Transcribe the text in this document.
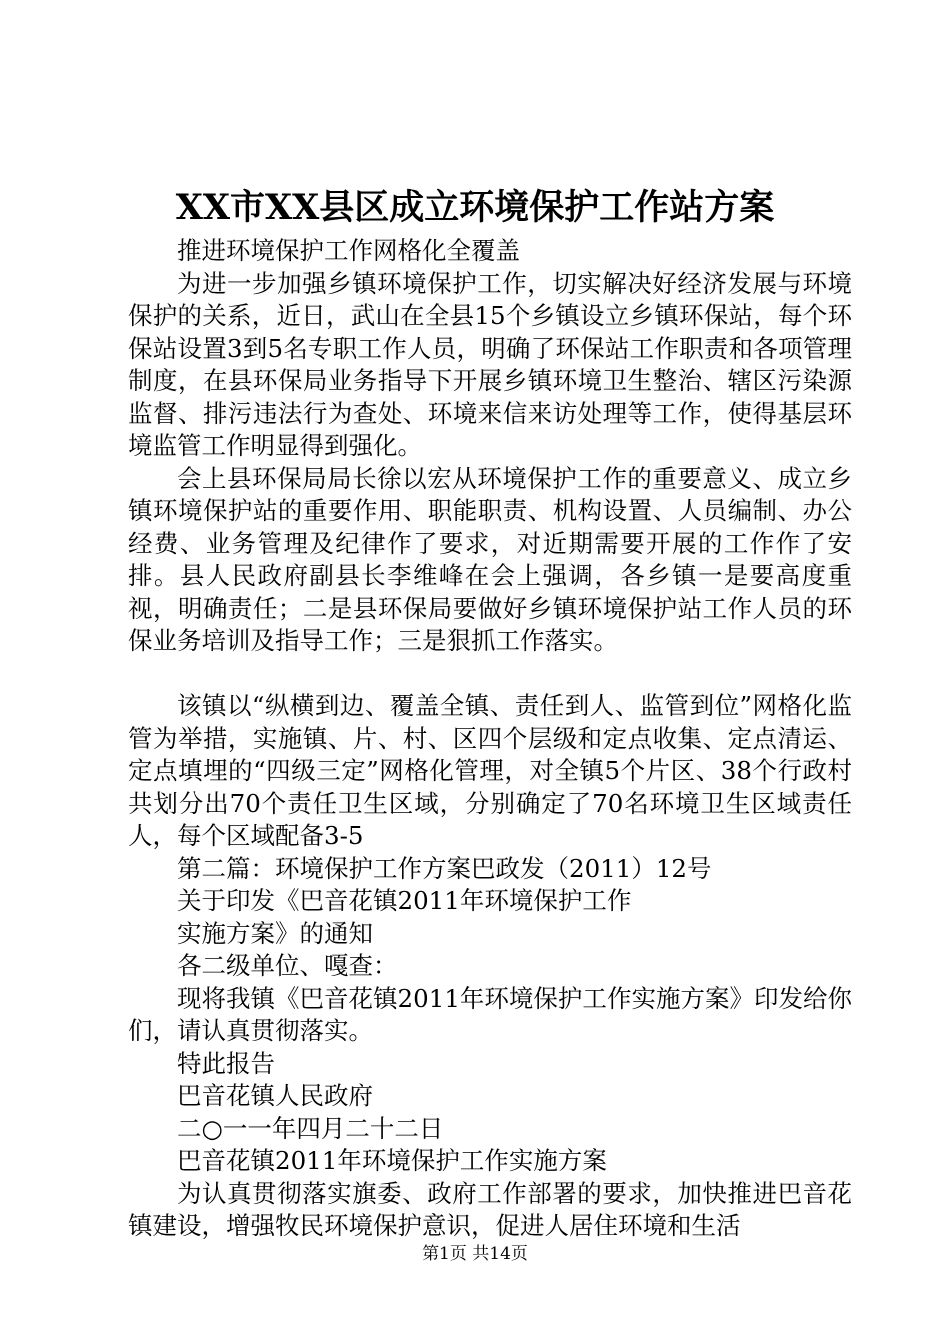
XX市XX县区成立环境保护工作站方案

推进环境保护工作网格化全覆盖

为进一步加强乡镇环境保护工作，切实解决好经济发展与环境保护的关系，近日，武山在全县15个乡镇设立乡镇环保站，每个环保站设置3到5名专职工作人员，明确了环保站工作职责和各项管理制度，在县环保局业务指导下开展乡镇环境卫生整治、辖区污染源监督、排污违法行为查处、环境来信来访处理等工作，使得基层环境监管工作明显得到强化。

会上县环保局局长徐以宏从环境保护工作的重要意义、成立乡镇环境保护站的重要作用、职能职责、机构设置、人员编制、办公经费、业务管理及纪律作了要求，对近期需要开展的工作作了安排。县人民政府副县长李维峰在会上强调，各乡镇一是要高度重视，明确责任；二是县环保局要做好乡镇环境保护站工作人员的环保业务培训及指导工作；三是狠抓工作落实。

该镇以“纵横到边、覆盖全镇、责任到人、监管到位”网格化监管为举措，实施镇、片、村、区四个层级和定点收集、定点清运、定点填埋的“四级三定”网格化管理，对全镇5个片区、38个行政村共划分出70个责任卫生区域，分别确定了70名环境卫生区域责任人，每个区域配备3-5

第二篇：环境保护工作方案巴政发（2011）12号

关于印发《巴音花镇2011年环境保护工作

实施方案》的通知

各二级单位、嘎查：

现将我镇《巴音花镇2011年环境保护工作实施方案》印发给你们，请认真贯彻落实。

特此报告

巴音花镇人民政府

二○一一年四月二十二日

巴音花镇2011年环境保护工作实施方案

为认真贯彻落实旗委、政府工作部署的要求，加快推进巴音花镇建设，增强牧民环境保护意识，促进人居住环境和生活

第1页 共14页
